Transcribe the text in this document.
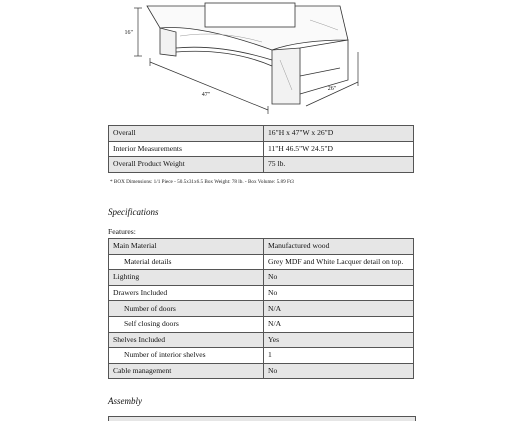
16"
47"
26"
Overall	16"H x 47"W x 26"D
Interior Measurements	11"H 46.5"W 24.5"D
Overall Product Weight	75 lb.
* BOX Dimensions: 1/1 Piece - 50.5x31x6.5 Box Weight: 78 lb. - Box Volume: 5.89 Ft3
Specifications
Features:
Main Material	Manufactured wood
Material details	Grey MDF and White Lacquer detail on top.
Lighting	No
Drawers Included	No
Number of doors	N/A
Self closing doors	N/A
Shelves Included	Yes
Number of interior shelves	1
Cable management	No
Assembly
